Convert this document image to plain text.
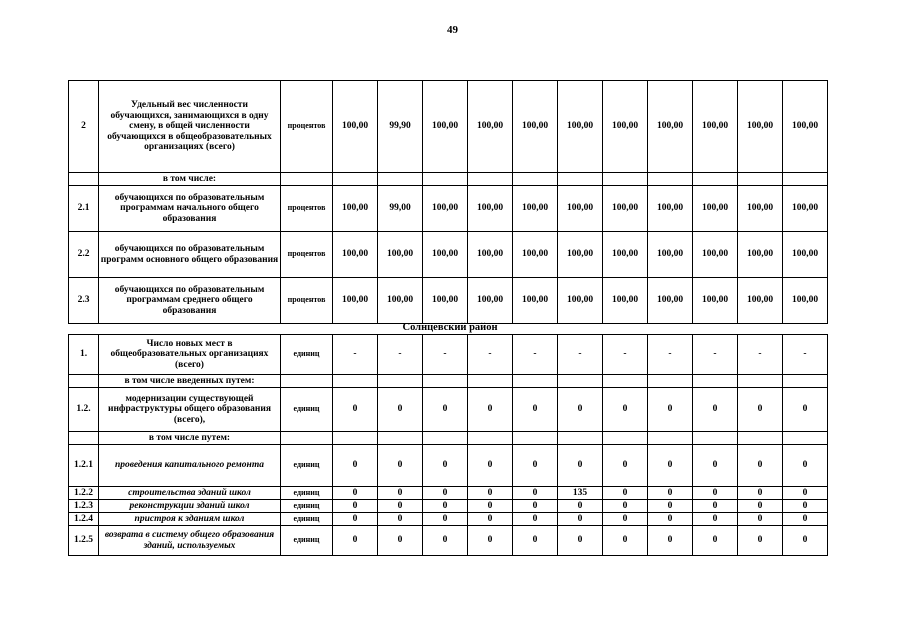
49
2	Удельный вес численности обучающихся, занимающихся в одну смену, в общей численности обучающихся в общеобразовательных организациях (всего)	процентов	100,00	99,90	100,00	100,00	100,00	100,00	100,00	100,00	100,00	100,00	100,00

	в том числе:												

2.1	обучающихся по образовательным программам начального общего образования	процентов	100,00	99,00	100,00	100,00	100,00	100,00	100,00	100,00	100,00	100,00	100,00
2.2	обучающихся по образовательным программ основного общего образования	процентов	100,00	100,00	100,00	100,00	100,00	100,00	100,00	100,00	100,00	100,00	100,00
2.3	обучающихся по образовательным программам среднего общего образования	процентов	100,00	100,00	100,00	100,00	100,00	100,00	100,00	100,00	100,00	100,00	100,00
Солнцевский район
1.	Число новых мест в общеобразовательных организациях (всего)	единиц	-	-	-	-	-	-	-	-	-	-	-

	в том числе введенных путем:												

1.2.	модернизации существующей инфраструктуры общего образования (всего),	единиц	0	0	0	0	0	0	0	0	0	0	0

	в том числе путем:												

1.2.1	проведения капитального ремонта	единиц	0	0	0	0	0	0	0	0	0	0	0
1.2.2	строительства зданий школ	единиц	0	0	0	0	0	135	0	0	0	0	0
1.2.3	реконструкции зданий школ	единиц	0	0	0	0	0	0	0	0	0	0	0
1.2.4	пристроя к зданиям школ	единиц	0	0	0	0	0	0	0	0	0	0	0
1.2.5	возврата в систему общего образования зданий, используемых	единиц	0	0	0	0	0	0	0	0	0	0	0
